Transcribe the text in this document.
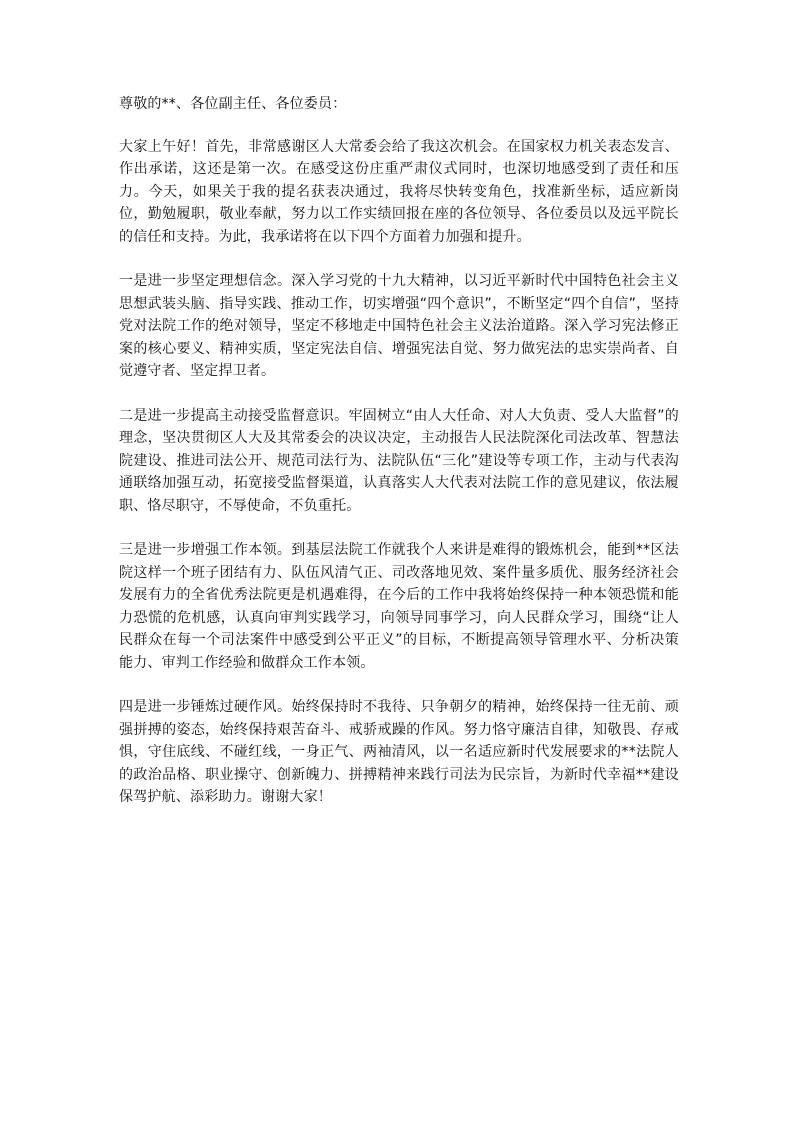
尊敬的**、各位副主任、各位委员：

大家上午好！首先，非常感谢区人大常委会给了我这次机会。在国家权力机关表态发言、作出承诺，这还是第一次。在感受这份庄重严肃仪式同时，也深切地感受到了责任和压力。今天，如果关于我的提名获表决通过，我将尽快转变角色，找准新坐标，适应新岗位，勤勉履职，敬业奉献，努力以工作实绩回报在座的各位领导、各位委员以及远平院长的信任和支持。为此，我承诺将在以下四个方面着力加强和提升。

一是进一步坚定理想信念。深入学习党的十九大精神，以习近平新时代中国特色社会主义思想武装头脑、指导实践、推动工作，切实增强“四个意识”，不断坚定“四个自信”，坚持党对法院工作的绝对领导，坚定不移地走中国特色社会主义法治道路。深入学习宪法修正案的核心要义、精神实质，坚定宪法自信、增强宪法自觉、努力做宪法的忠实崇尚者、自觉遵守者、坚定捍卫者。

二是进一步提高主动接受监督意识。牢固树立“由人大任命、对人大负责、受人大监督”的理念，坚决贯彻区人大及其常委会的决议决定，主动报告人民法院深化司法改革、智慧法院建设、推进司法公开、规范司法行为、法院队伍“三化”建设等专项工作，主动与代表沟通联络加强互动，拓宽接受监督渠道，认真落实人大代表对法院工作的意见建议，依法履职、恪尽职守，不辱使命，不负重托。

三是进一步增强工作本领。到基层法院工作就我个人来讲是难得的锻炼机会，能到**区法院这样一个班子团结有力、队伍风清气正、司改落地见效、案件量多质优、服务经济社会发展有力的全省优秀法院更是机遇难得，在今后的工作中我将始终保持一种本领恐慌和能力恐慌的危机感，认真向审判实践学习，向领导同事学习，向人民群众学习，围绕“让人民群众在每一个司法案件中感受到公平正义”的目标，不断提高领导管理水平、分析决策能力、审判工作经验和做群众工作本领。

四是进一步锤炼过硬作风。始终保持时不我待、只争朝夕的精神，始终保持一往无前、顽强拼搏的姿态，始终保持艰苦奋斗、戒骄戒躁的作风。努力恪守廉洁自律，知敬畏、存戒惧，守住底线、不碰红线，一身正气、两袖清风，以一名适应新时代发展要求的**法院人的政治品格、职业操守、创新魄力、拼搏精神来践行司法为民宗旨，为新时代幸福**建设保驾护航、添彩助力。谢谢大家！
